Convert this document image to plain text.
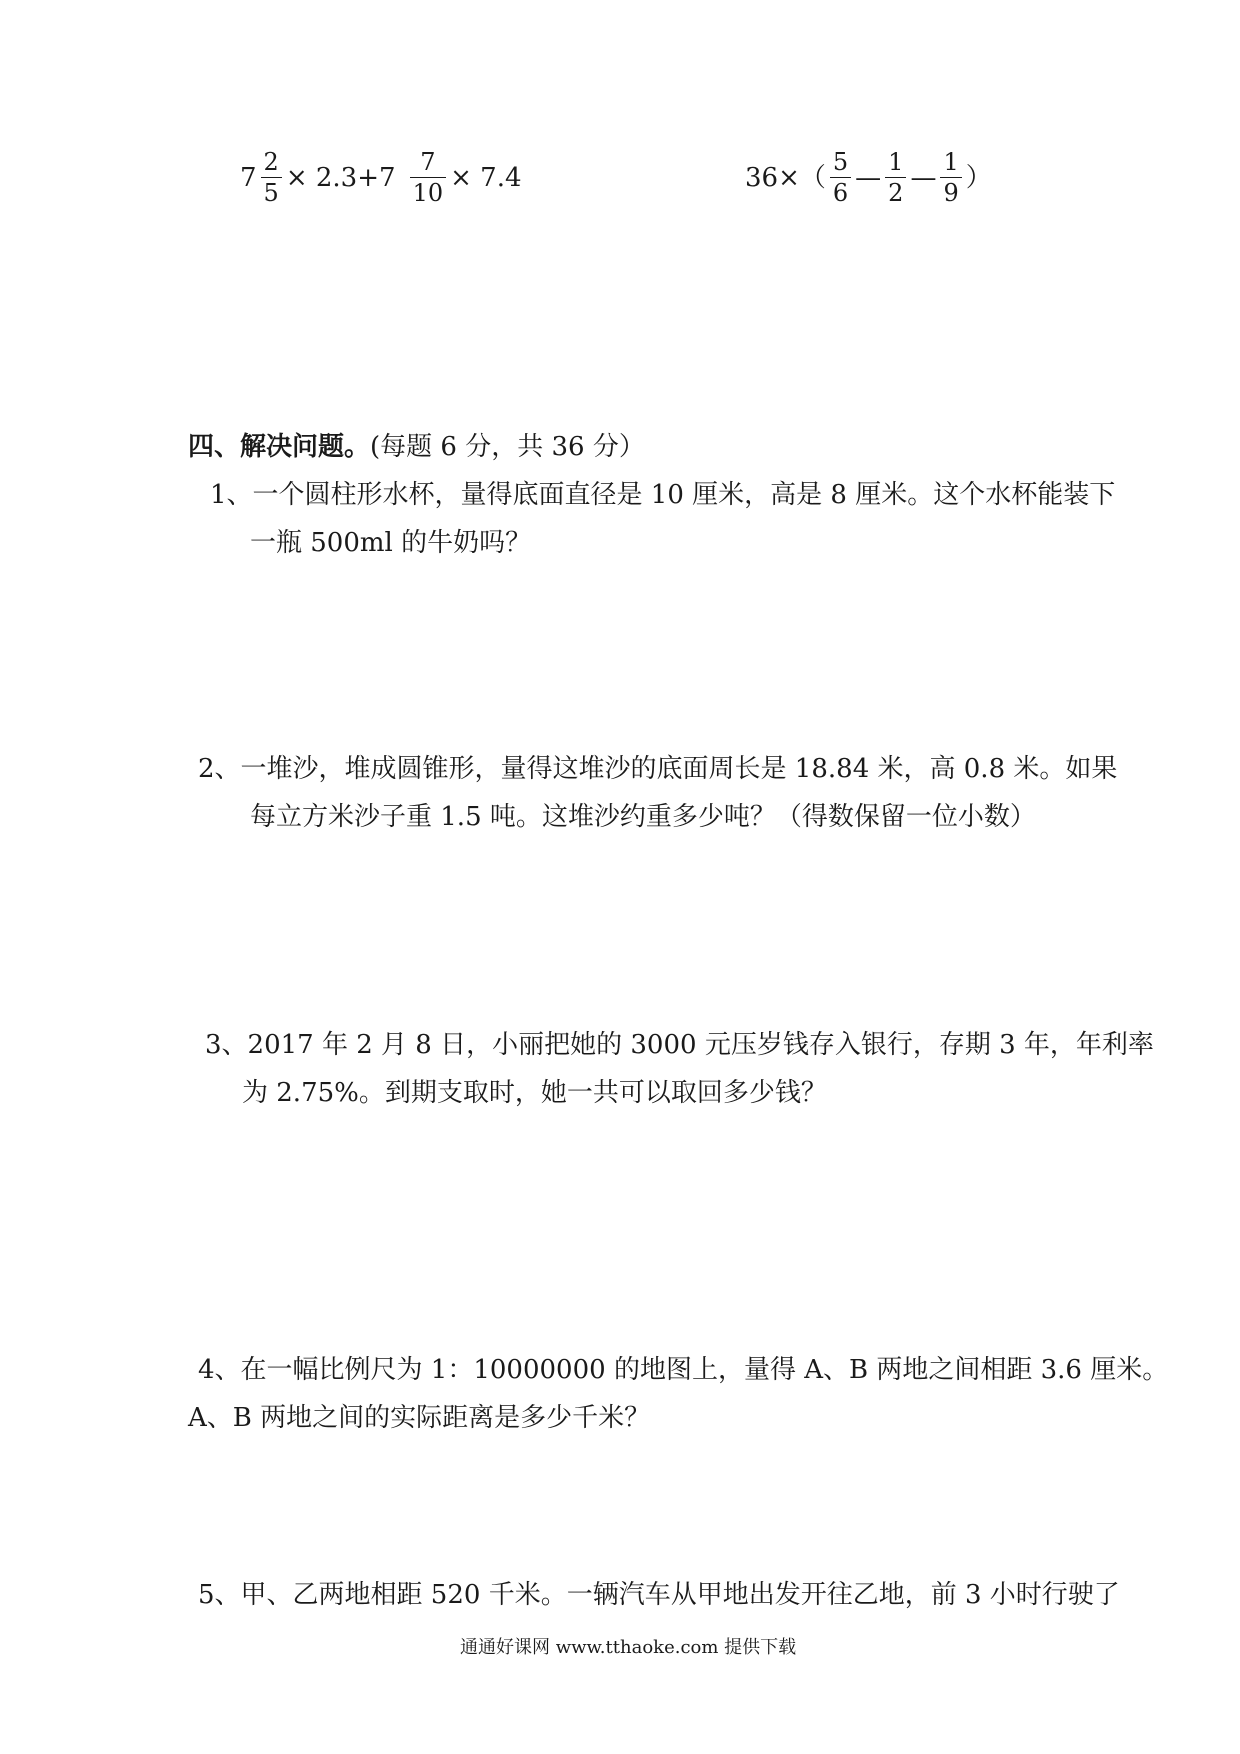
$7 \frac{2}{5} \times 2.3+7 \frac{7}{10} \times 7.4$	$36\times( \frac{5}{6}$ — $\frac{1}{2}$ — $\frac{1}{9}$ ）
四、解决问题。(每题 6 分，共 36 分）
1、一个圆柱形水杯，量得底面直径是 10 厘米，高是 8 厘米。这个水杯能装下
一瓶 500ml 的牛奶吗？
2、一堆沙，堆成圆锥形，量得这堆沙的底面周长是 18.84 米，高 0.8 米。如果
每立方米沙子重 1.5 吨。这堆沙约重多少吨？（得数保留一位小数）
3、2017 年 2 月 8 日，小丽把她的 3000 元压岁钱存入银行，存期 3 年，年利率
为 2.75%。到期支取时，她一共可以取回多少钱？
4、在一幅比例尺为 1：10000000 的地图上，量得 A、B 两地之间相距 3.6 厘米。
A、B 两地之间的实际距离是多少千米？
5、甲、乙两地相距 520 千米。一辆汽车从甲地出发开往乙地，前 3 小时行驶了
通通好课网 www.tthaoke.com 提供下载
